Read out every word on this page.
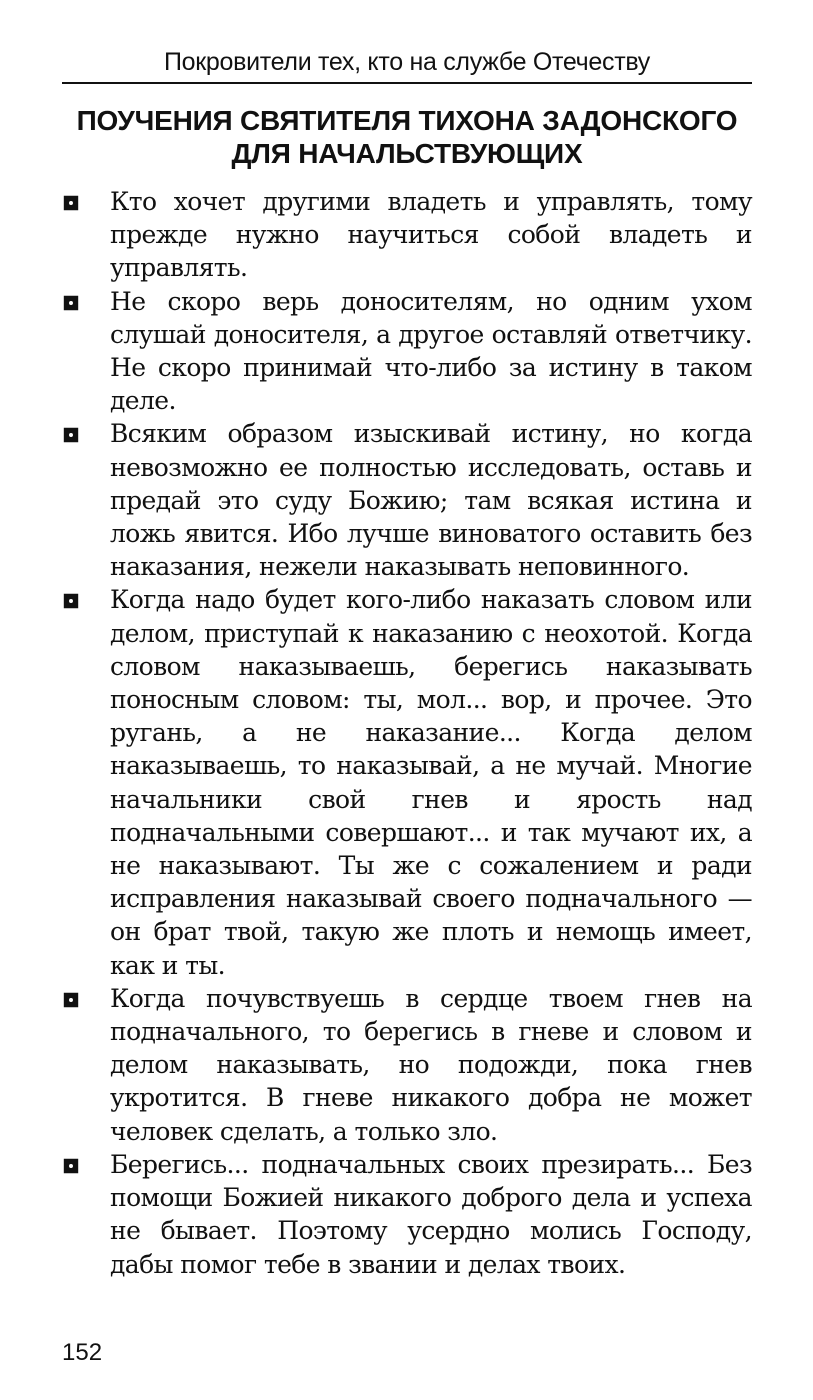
Покровители тех, кто на службе Отечеству
ПОУЧЕНИЯ СВЯТИТЕЛЯ ТИХОНА ЗАДОНСКОГО ДЛЯ НАЧАЛЬСТВУЮЩИХ
Кто хочет другими владеть и управлять, тому прежде нужно научиться собой владеть и управлять.
Не скоро верь доносителям, но одним ухом слушай доносителя, а другое оставляй ответчику. Не скоро принимай что-либо за истину в таком деле.
Всяким образом изыскивай истину, но когда невозможно ее полностью исследовать, оставь и предай это суду Божию; там всякая истина и ложь явится. Ибо лучше виноватого оставить без наказания, нежели наказывать неповинного.
Когда надо будет кого-либо наказать словом или делом, приступай к наказанию с неохотой. Когда словом наказываешь, берегись наказывать поносным словом: ты, мол... вор, и прочее. Это ругань, а не наказание... Когда делом наказываешь, то наказывай, а не мучай. Многие начальники свой гнев и ярость над подначальными совершают... и так мучают их, а не наказывают. Ты же с сожалением и ради исправления наказывай своего подначального — он брат твой, такую же плоть и немощь имеет, как и ты.
Когда почувствуешь в сердце твоем гнев на подначального, то берегись в гневе и словом и делом наказывать, но подожди, пока гнев укротится. В гневе никакого добра не может человек сделать, а только зло.
Берегись... подначальных своих презирать... Без помощи Божией никакого доброго дела и успеха не бывает. Поэтому усердно молись Господу, дабы помог тебе в звании и делах твоих.
152
